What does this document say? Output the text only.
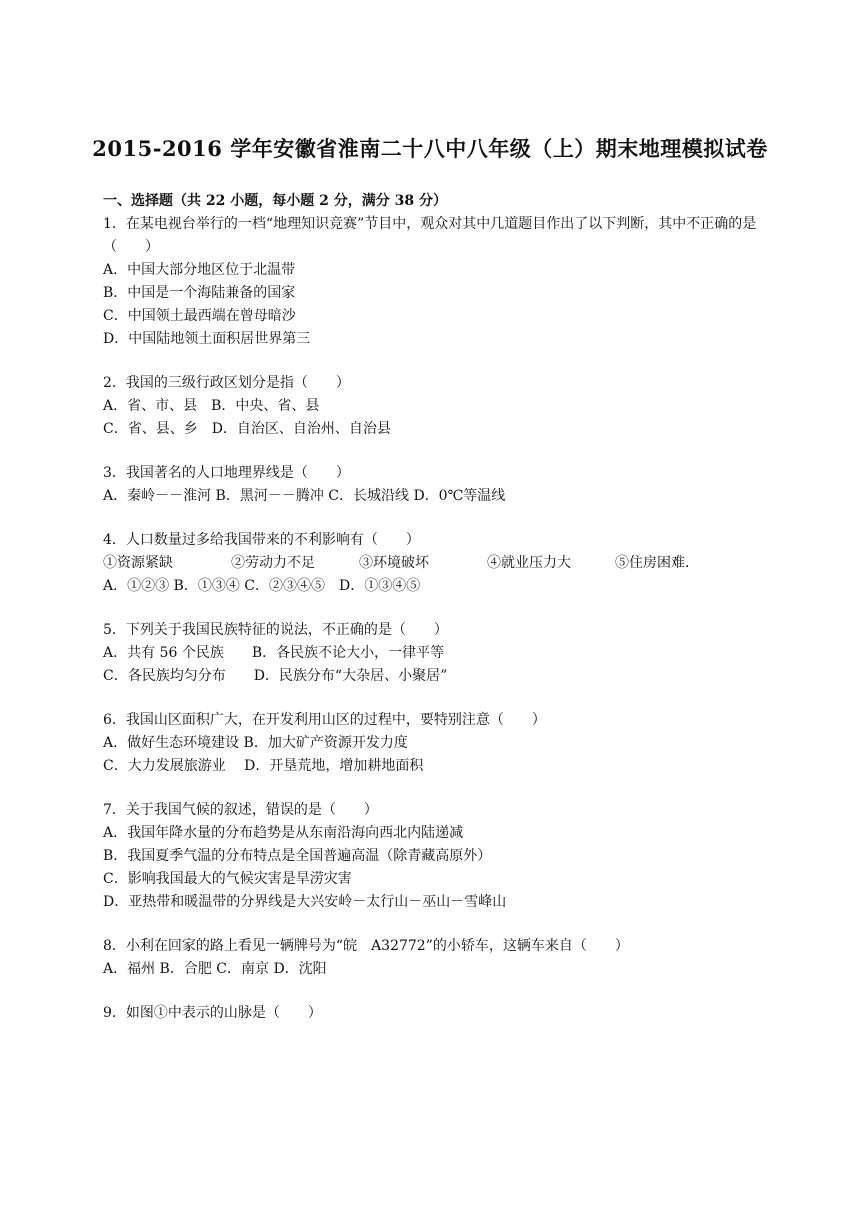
2015-2016 学年安徽省淮南二十八中八年级（上）期末地理模拟试卷
一、选择题（共 22 小题，每小题 2 分，满分 38 分）
1．在某电视台举行的一档“地理知识竞赛”节目中，观众对其中几道题目作出了以下判断，其中不正确的是（　　）
A．中国大部分地区位于北温带
B．中国是一个海陆兼备的国家
C．中国领土最西端在曾母暗沙
D．中国陆地领土面积居世界第三
2．我国的三级行政区划分是指（　　）
A．省、市、县　B．中央、省、县
C．省、县、乡　D．自治区、自治州、自治县
3．我国著名的人口地理界线是（　　）
A．秦岭－－淮河 B．黑河－－腾冲 C．长城沿线 D．0℃等温线
4．人口数量过多给我国带来的不利影响有（　　）
①资源紧缺	②劳动力不足	③环境破坏	④就业压力大	⑤住房困难．
A．①②③ B．①③④ C．②③④⑤　D．①③④⑤
5．下列关于我国民族特征的说法，不正确的是（　　）
A．共有 56 个民族　　B．各民族不论大小，一律平等
C．各民族均匀分布　　D．民族分布“大杂居、小聚居”
6．我国山区面积广大，在开发利用山区的过程中，要特别注意（　　）
A．做好生态环境建设 B．加大矿产资源开发力度
C．大力发展旅游业　 D．开垦荒地，增加耕地面积
7．关于我国气候的叙述，错误的是（　　）
A．我国年降水量的分布趋势是从东南沿海向西北内陆递减
B．我国夏季气温的分布特点是全国普遍高温（除青藏高原外）
C．影响我国最大的气候灾害是旱涝灾害
D．亚热带和暖温带的分界线是大兴安岭－太行山－巫山－雪峰山
8．小利在回家的路上看见一辆牌号为“皖　A32772”的小轿车，这辆车来自（　　）
A．福州 B．合肥 C．南京 D．沈阳
9．如图①中表示的山脉是（　　）
